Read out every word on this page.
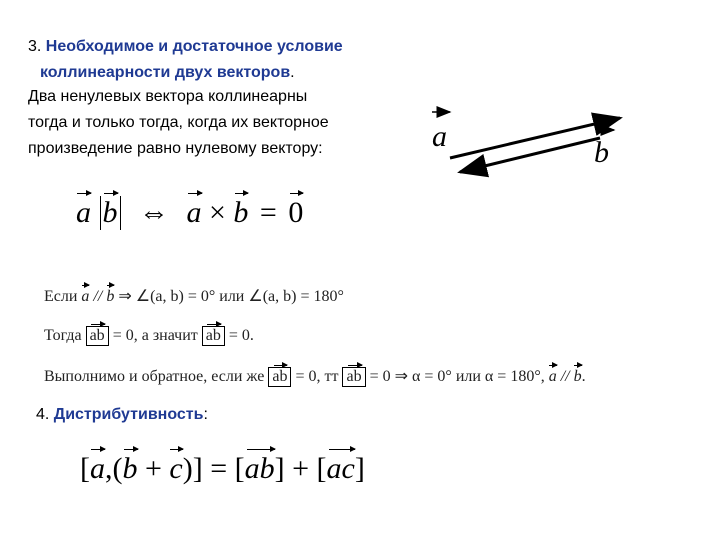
3. Необходимое и достаточное условие
коллинеарности двух векторов.
Два ненулевых вектора коллинеарны
тогда и только тогда, когда их векторное
произведение равно нулевому вектору:	a	b
a b ⇔ a × b = 0
Если a // b ⇒ ∠(a, b) = 0° или ∠(a, b) = 180°
Тогда ab = 0, а значит ab = 0.
Выполнимо и обратное, если же ab = 0, тт ab = 0 ⇒ α = 0° или α = 180°, a // b.
4. Дистрибутивность:
[a,(b + c)] = [ab] + [ac]
